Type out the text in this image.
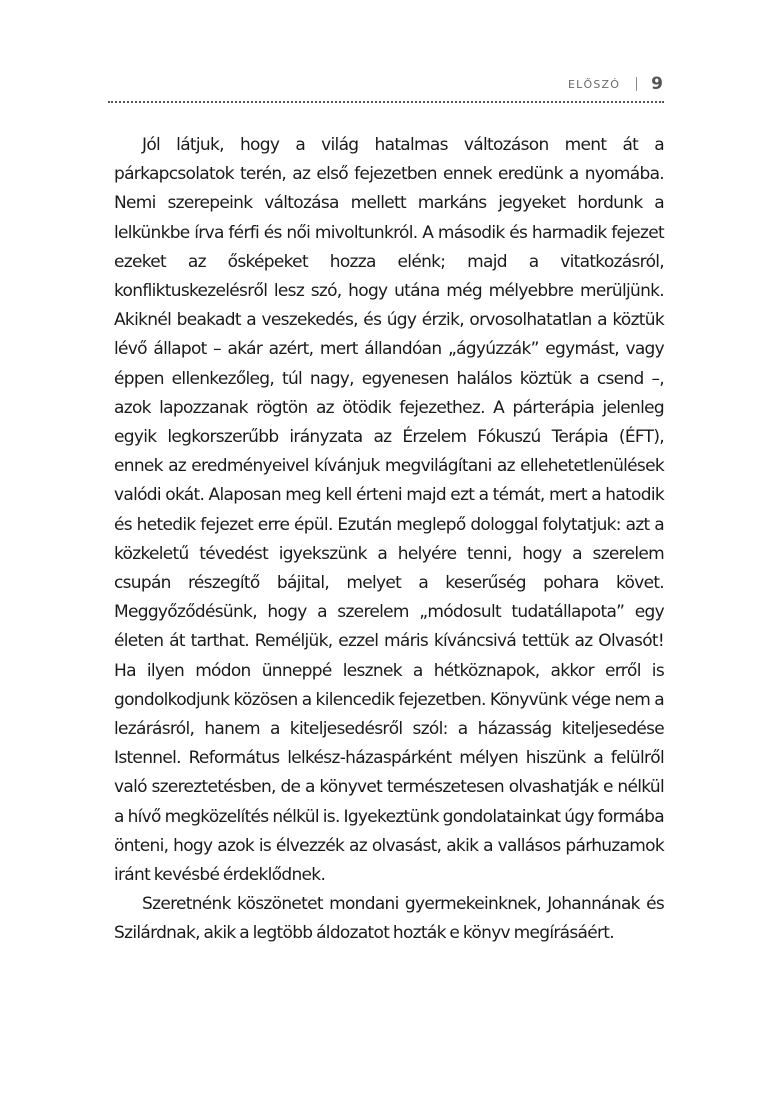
ELŐSZÓ 9

Jól látjuk, hogy a világ hatalmas változáson ment át a párkapcsolatok terén, az első fejezetben ennek eredünk a nyomába. Nemi szerepeink változása mellett markáns jegyeket hordunk a lelkünkbe írva férfi és női mivoltunkról. A második és harmadik fejezet ezeket az ősképeket hozza elénk; majd a vitatkozásról, konfliktuskezelésről lesz szó, hogy utána még mélyebbre merüljünk. Akiknél beakadt a veszekedés, és úgy érzik, orvosolhatatlan a köztük lévő állapot – akár azért, mert állandóan „ágyúzzák” egymást, vagy éppen ellenkezőleg, túl nagy, egyenesen halálos köztük a csend –, azok lapozzanak rögtön az ötödik fejezethez. A párterápia jelenleg egyik legkorszerűbb irányzata az Érzelem Fókuszú Terápia (ÉFT), ennek az eredményeivel kívánjuk megvilágítani az ellehetetlenülések valódi okát. Alaposan meg kell érteni majd ezt a témát, mert a hatodik és hetedik fejezet erre épül. Ezután meglepő dologgal folytatjuk: azt a közkeletű tévedést igyekszünk a helyére tenni, hogy a szerelem csupán részegítő bájital, melyet a keserűség pohara követ. Meggyőződésünk, hogy a szerelem „módosult tudatállapota” egy életen át tarthat. Reméljük, ezzel máris kíváncsivá tettük az Olvasót! Ha ilyen módon ünneppé lesznek a hétköznapok, akkor erről is gondolkodjunk közösen a kilencedik fejezetben. Könyvünk vége nem a lezárásról, hanem a kiteljesedésről szól: a házasság kiteljesedése Istennel. Református lelkész-házaspárként mélyen hiszünk a felülről való szereztetésben, de a könyvet természetesen olvashatják e nélkül a hívő megközelítés nélkül is. Igyekeztünk gondolatainkat úgy formába önteni, hogy azok is élvezzék az olvasást, akik a vallásos párhuzamok iránt kevésbé érdeklődnek.

Szeretnénk köszönetet mondani gyermekeinknek, Johannának és Szilárdnak, akik a legtöbb áldozatot hozták e könyv megírásáért.
